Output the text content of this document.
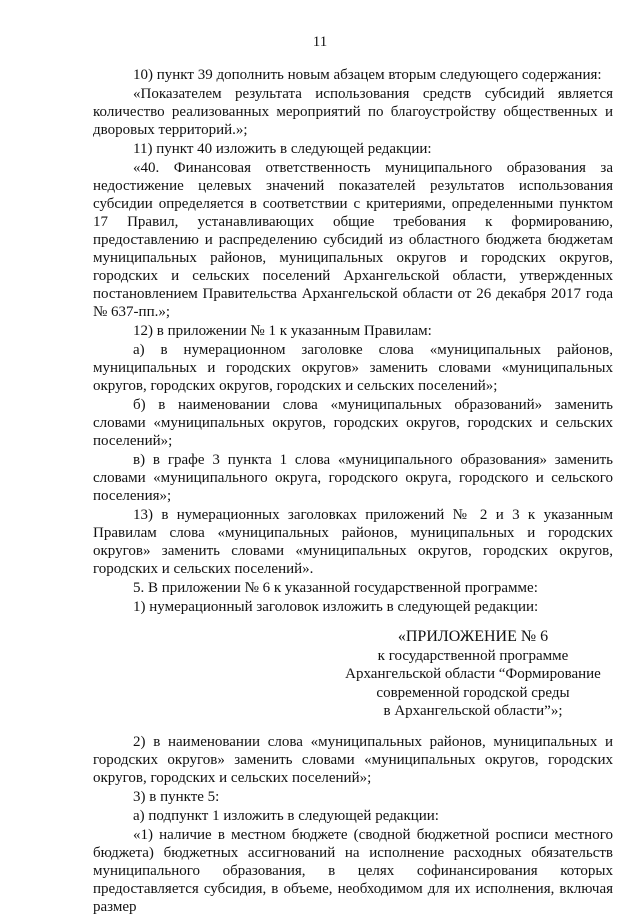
11

10) пункт 39 дополнить новым абзацем вторым следующего содержания:

«Показателем результата использования средств субсидий является количество реализованных мероприятий по благоустройству общественных и дворовых территорий.»;

11) пункт 40 изложить в следующей редакции:

«40. Финансовая ответственность муниципального образования за недостижение целевых значений показателей результатов использования субсидии определяется в соответствии с критериями, определенными пунктом 17 Правил, устанавливающих общие требования к формированию, предоставлению и распределению субсидий из областного бюджета бюджетам муниципальных районов, муниципальных округов и городских округов, городских и сельских поселений Архангельской области, утвержденных постановлением Правительства Архангельской области от 26 декабря 2017 года № 637-пп.»;

12) в приложении № 1 к указанным Правилам:

а) в нумерационном заголовке слова «муниципальных районов, муниципальных и городских округов» заменить словами «муниципальных округов, городских округов, городских и сельских поселений»;

б) в наименовании слова «муниципальных образований» заменить словами «муниципальных округов, городских округов, городских и сельских поселений»;

в) в графе 3 пункта 1 слова «муниципального образования» заменить словами «муниципального округа, городского округа, городского и сельского поселения»;

13) в нумерационных заголовках приложений № 2 и 3 к указанным Правилам слова «муниципальных районов, муниципальных и городских округов» заменить словами «муниципальных округов, городских округов, городских и сельских поселений».

5. В приложении № 6 к указанной государственной программе:

1) нумерационный заголовок изложить в следующей редакции:

«ПРИЛОЖЕНИЕ № 6
к государственной программе
Архангельской области “Формирование
современной городской среды
в Архангельской области”»;

2) в наименовании слова «муниципальных районов, муниципальных и городских округов» заменить словами «муниципальных округов, городских округов, городских и сельских поселений»;

3) в пункте 5:

а) подпункт 1 изложить в следующей редакции:

«1) наличие в местном бюджете (сводной бюджетной росписи местного бюджета) бюджетных ассигнований на исполнение расходных обязательств муниципального образования, в целях софинансирования которых предоставляется субсидия, в объеме, необходимом для их исполнения, включая размер
